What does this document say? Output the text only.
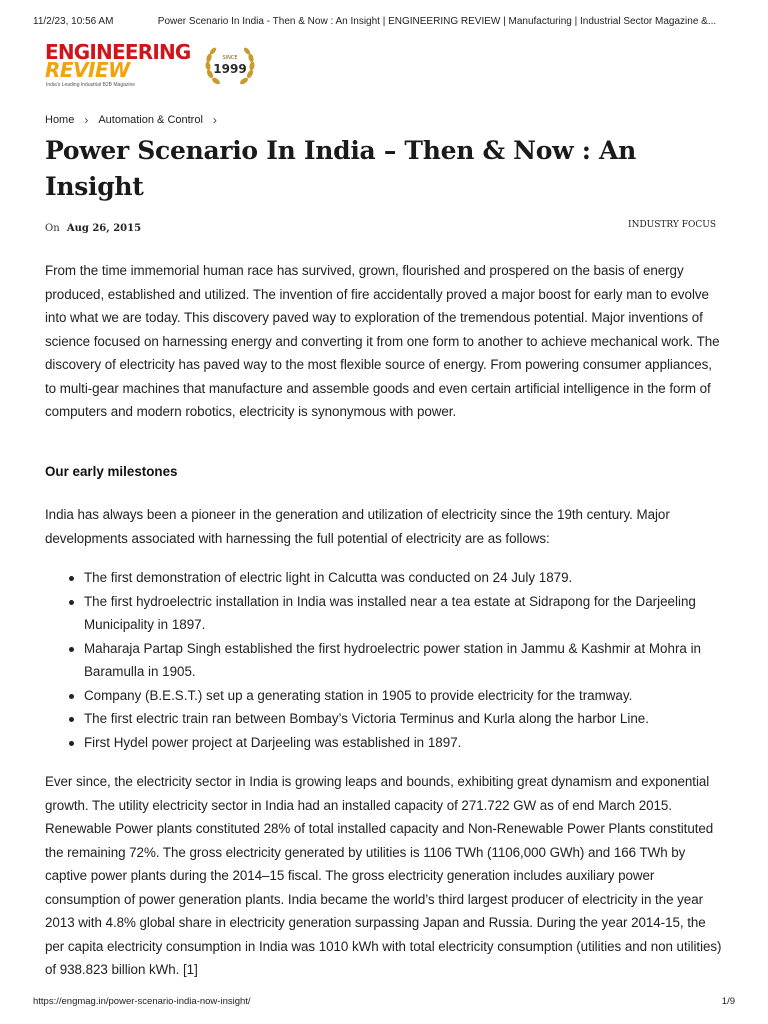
11/2/23, 10:56 AM	Power Scenario In India - Then & Now : An Insight | ENGINEERING REVIEW | Manufacturing | Industrial Sector Magazine &...
ENGINEERING
REVIEW
India's Leading Industrial B2B Magazine
SINCE
1999
Home › Automation & Control ›
Power Scenario In India – Then & Now : An Insight
On Aug 26, 2015	INDUSTRY FOCUS

From the time immemorial human race has survived, grown, flourished and prospered on the basis of energy produced, established and utilized. The invention of fire accidentally proved a major boost for early man to evolve into what we are today. This discovery paved way to exploration of the tremendous potential. Major inventions of science focused on harnessing energy and converting it from one form to another to achieve mechanical work. The discovery of electricity has paved way to the most flexible source of energy. From powering consumer appliances, to multi-gear machines that manufacture and assemble goods and even certain artificial intelligence in the form of computers and modern robotics, electricity is synonymous with power.

Our early milestones

India has always been a pioneer in the generation and utilization of electricity since the 19th century. Major developments associated with harnessing the full potential of electricity are as follows:

The first demonstration of electric light in Calcutta was conducted on 24 July 1879.
The first hydroelectric installation in India was installed near a tea estate at Sidrapong for the Darjeeling Municipality in 1897.
Maharaja Partap Singh established the first hydroelectric power station in Jammu & Kashmir at Mohra in Baramulla in 1905.
Company (B.E.S.T.) set up a generating station in 1905 to provide electricity for the tramway.
The first electric train ran between Bombay’s Victoria Terminus and Kurla along the harbor Line.
First Hydel power project at Darjeeling was established in 1897.

Ever since, the electricity sector in India is growing leaps and bounds, exhibiting great dynamism and exponential growth. The utility electricity sector in India had an installed capacity of 271.722 GW as of end March 2015. Renewable Power plants constituted 28% of total installed capacity and Non-Renewable Power Plants constituted the remaining 72%. The gross electricity generated by utilities is 1106 TWh (1106,000 GWh) and 166 TWh by captive power plants during the 2014–15 fiscal. The gross electricity generation includes auxiliary power consumption of power generation plants. India became the world’s third largest producer of electricity in the year 2013 with 4.8% global share in electricity generation surpassing Japan and Russia. During the year 2014-15, the per capita electricity consumption in India was 1010 kWh with total electricity consumption (utilities and non utilities) of 938.823 billion kWh. [1]

https://engmag.in/power-scenario-india-now-insight/	1/9
